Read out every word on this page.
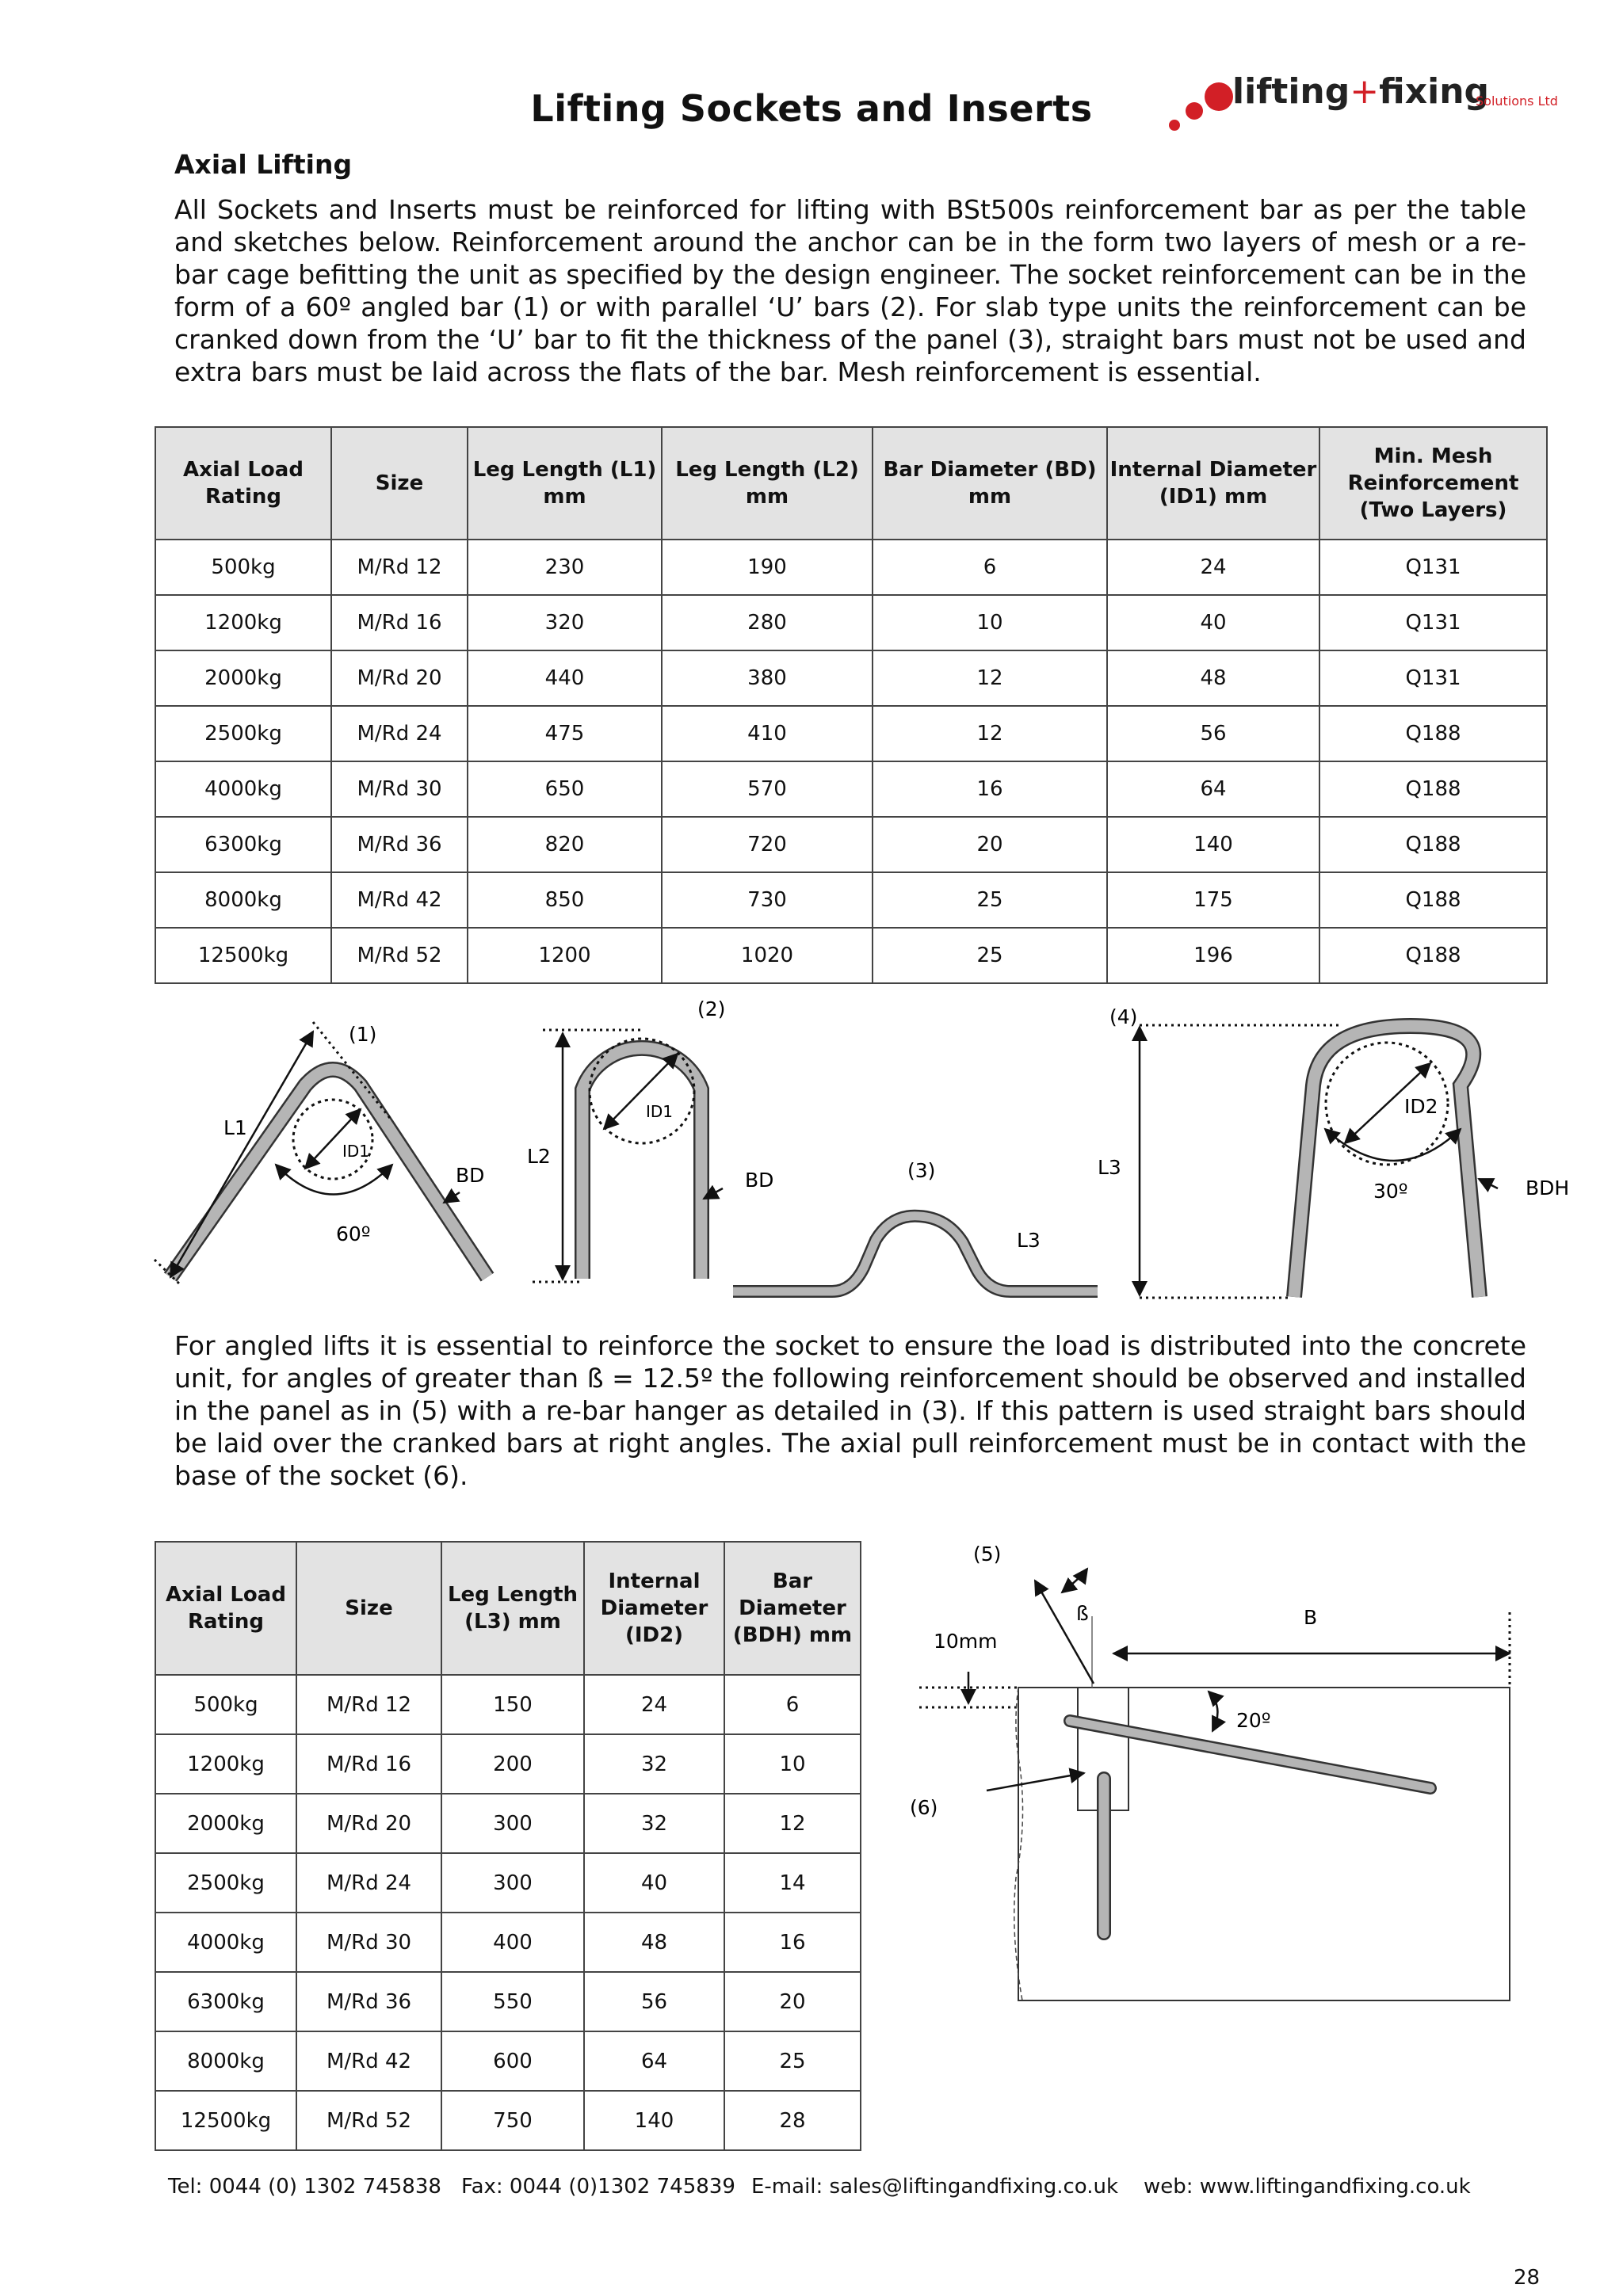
Lifting Sockets and Inserts	lifting+fixing
Solutions Ltd
Axial Lifting
All Sockets and Inserts must be reinforced for lifting with BSt500s reinforcement bar as per the table and sketches below. Reinforcement around the anchor can be in the form two layers of mesh or a re-bar cage befitting the unit as specified by the design engineer. The socket reinforcement can be in the form of a 60º angled bar (1) or with parallel ‘U’ bars (2). For slab type units the reinforcement can be cranked down from the ‘U’ bar to fit the thickness of the panel (3), straight bars must not be used and extra bars must be laid across the flats of the bar. Mesh reinforcement is essential.
Axial Load Rating	Size	Leg Length (L1) mm	Leg Length (L2) mm	Bar Diameter (BD) mm	Internal Diameter (ID1) mm	Min. Mesh Reinforcement (Two Layers)
500kg	M/Rd 12	230	190	6	24	Q131
1200kg	M/Rd 16	320	280	10	40	Q131
2000kg	M/Rd 20	440	380	12	48	Q131
2500kg	M/Rd 24	475	410	12	56	Q188
4000kg	M/Rd 30	650	570	16	64	Q188
6300kg	M/Rd 36	820	720	20	140	Q188
8000kg	M/Rd 42	850	730	25	175	Q188
12500kg	M/Rd 52	1200	1020	25	196	Q188
(1)
L1
ID1
BD
60º
(2)
L2
ID1
BD	(3)
L3
(4)
L3
ID2
30º	BDH
For angled lifts it is essential to reinforce the socket to ensure the load is distributed into the concrete unit, for angles of greater than ß = 12.5º the following reinforcement should be observed and installed in the panel as in (5) with a re-bar hanger as detailed in (3). If this pattern is used straight bars should be laid over the cranked bars at right angles. The axial pull reinforcement must be in contact with the base of the socket (6).
Axial Load Rating	Size	Leg Length (L3) mm	Internal Diameter (ID2)	Bar Diameter (BDH) mm
500kg	M/Rd 12	150	24	6
1200kg	M/Rd 16	200	32	10
2000kg	M/Rd 20	300	32	12
2500kg	M/Rd 24	300	40	14
4000kg	M/Rd 30	400	48	16
6300kg	M/Rd 36	550	56	20
8000kg	M/Rd 42	600	64	25
12500kg	M/Rd 52	750	140	28
(5)
ß	B
10mm
20º
(6)
Tel: 0044 (0) 1302 745838 Fax: 0044 (0)1302 745839 E-mail: sales@liftingandfixing.co.uk web: www.liftingandfixing.co.uk
28
